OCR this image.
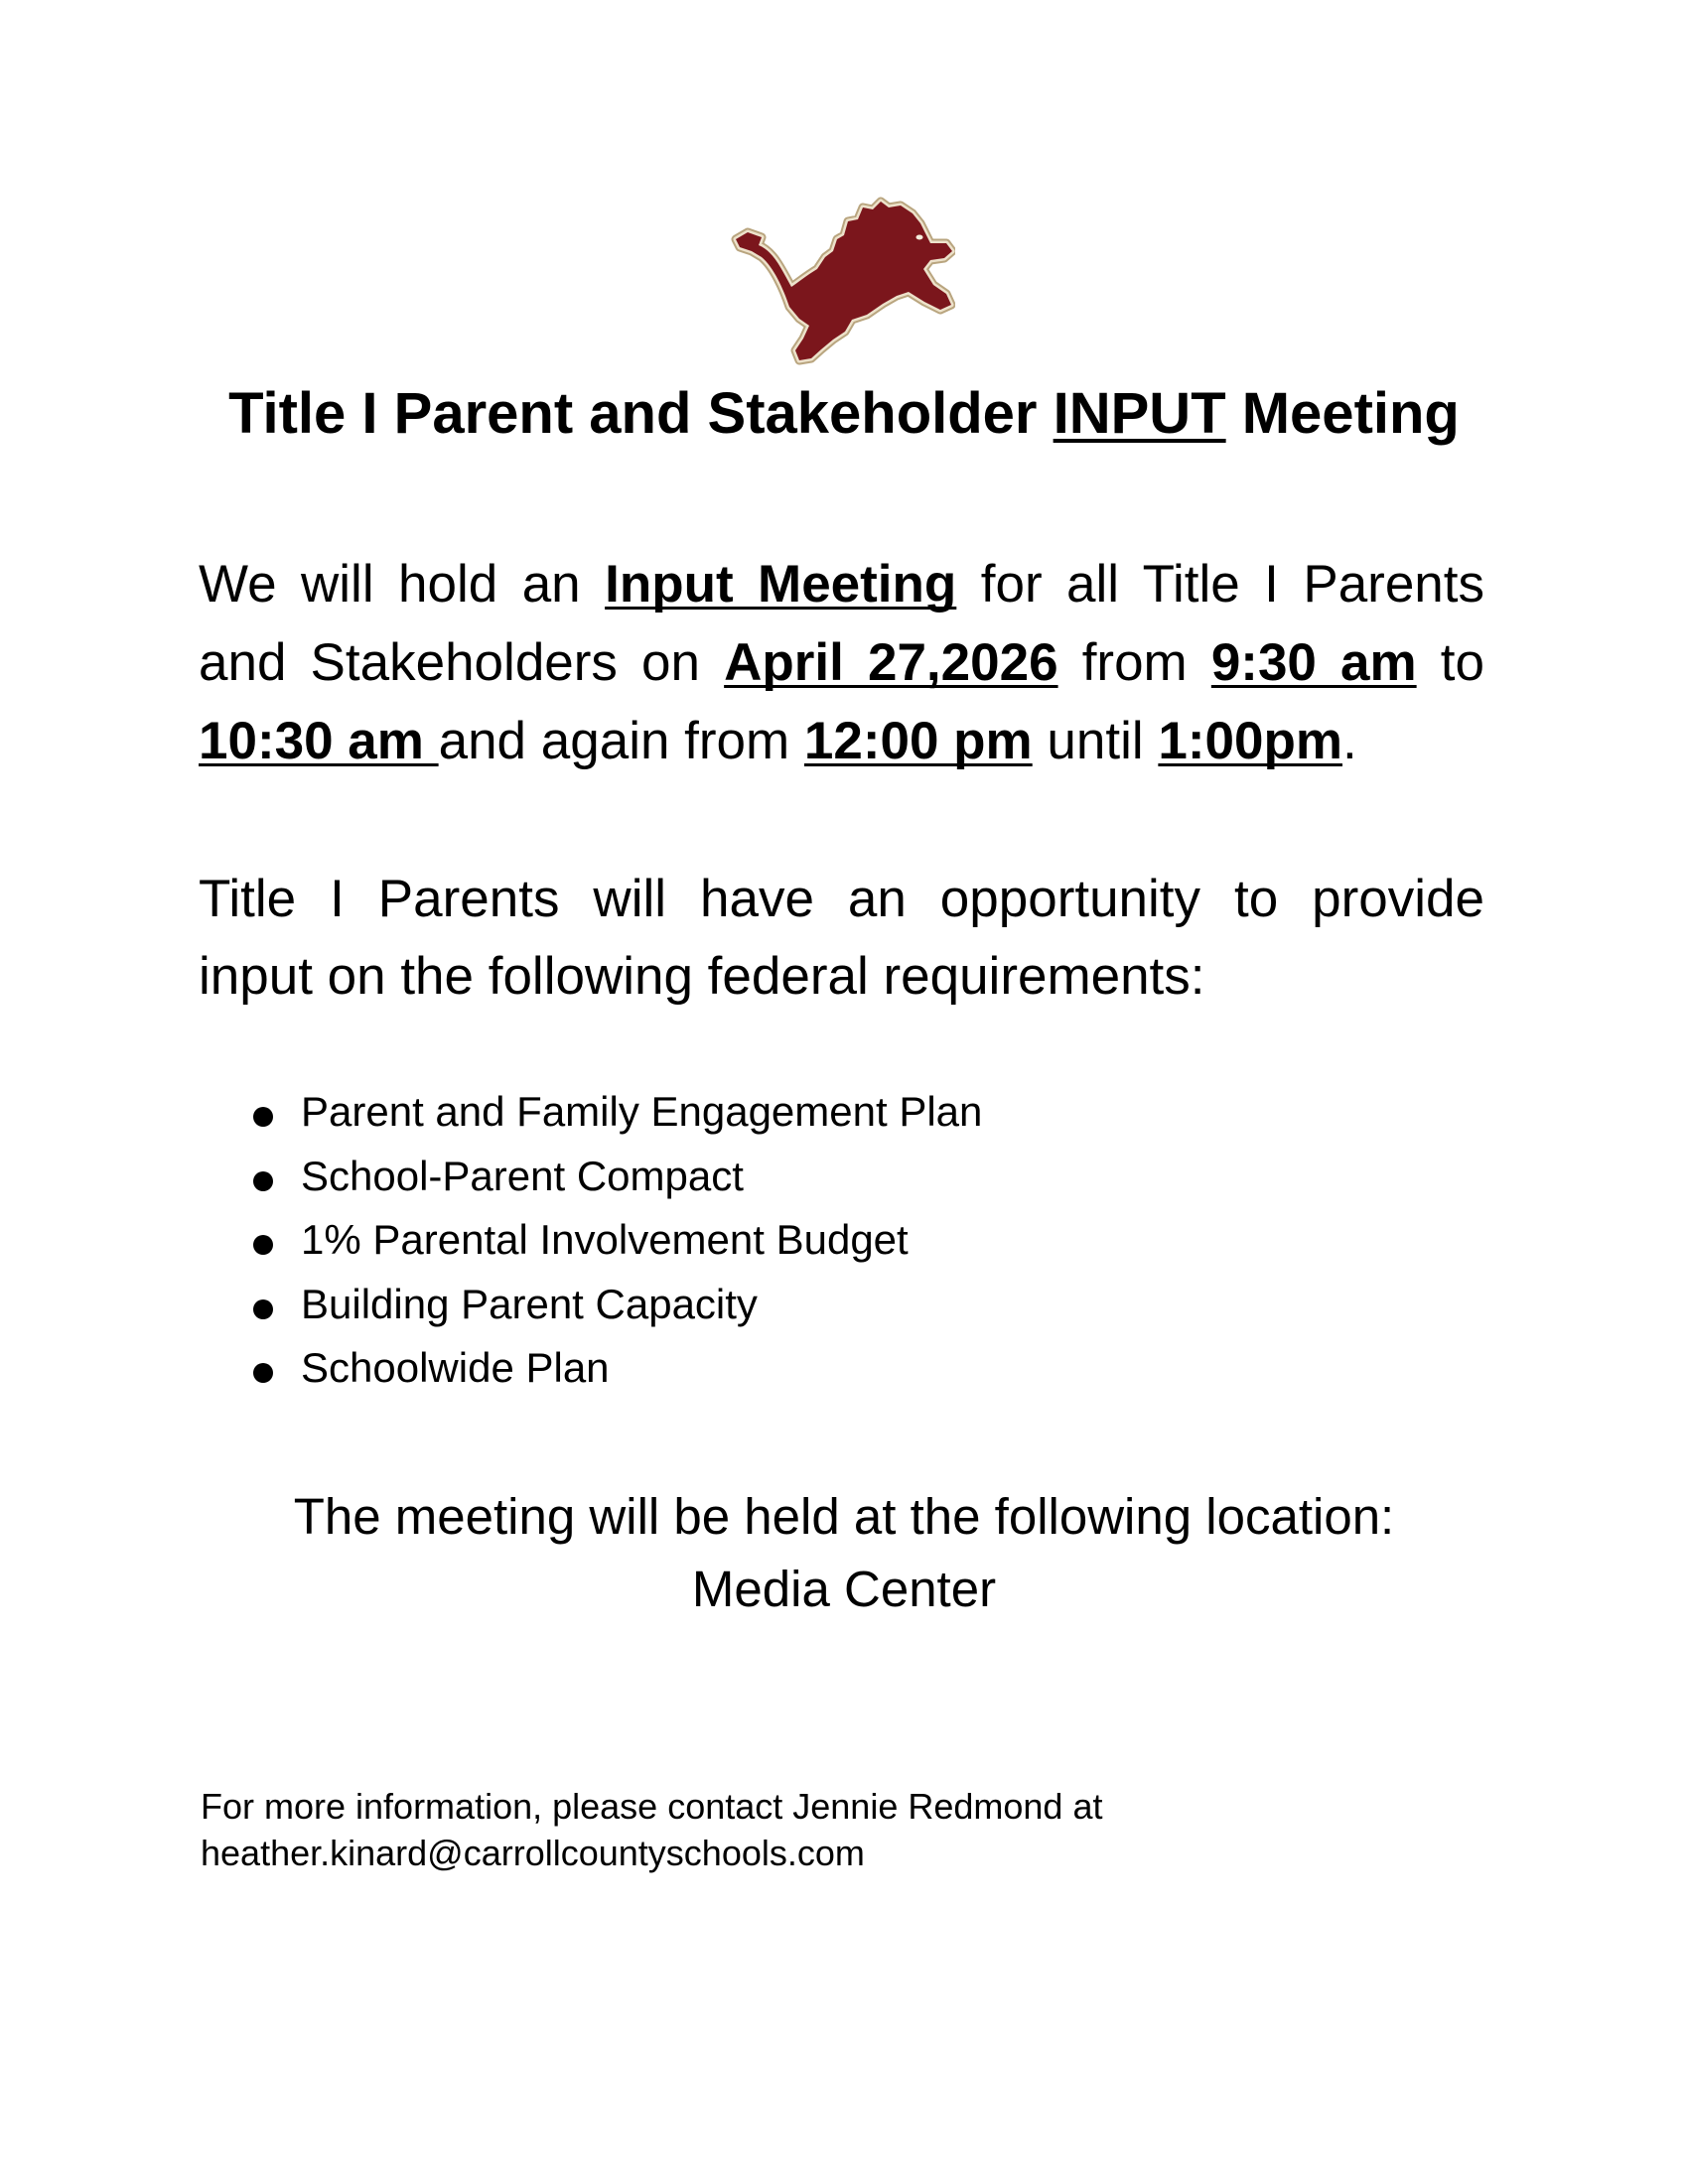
Title I Parent and Stakeholder INPUT Meeting
We will hold an Input Meeting for all Title I Parents
and Stakeholders on April 27,2026 from 9:30 am to
10:30 am and again from 12:00 pm until 1:00pm.
Title I Parents will have an opportunity to provide
input on the following federal requirements:
Parent and Family Engagement Plan
School-Parent Compact
1% Parental Involvement Budget
Building Parent Capacity
Schoolwide Plan
The meeting will be held at the following location:
Media Center
For more information, please contact Jennie Redmond at
heather.kinard@carrollcountyschools.com
